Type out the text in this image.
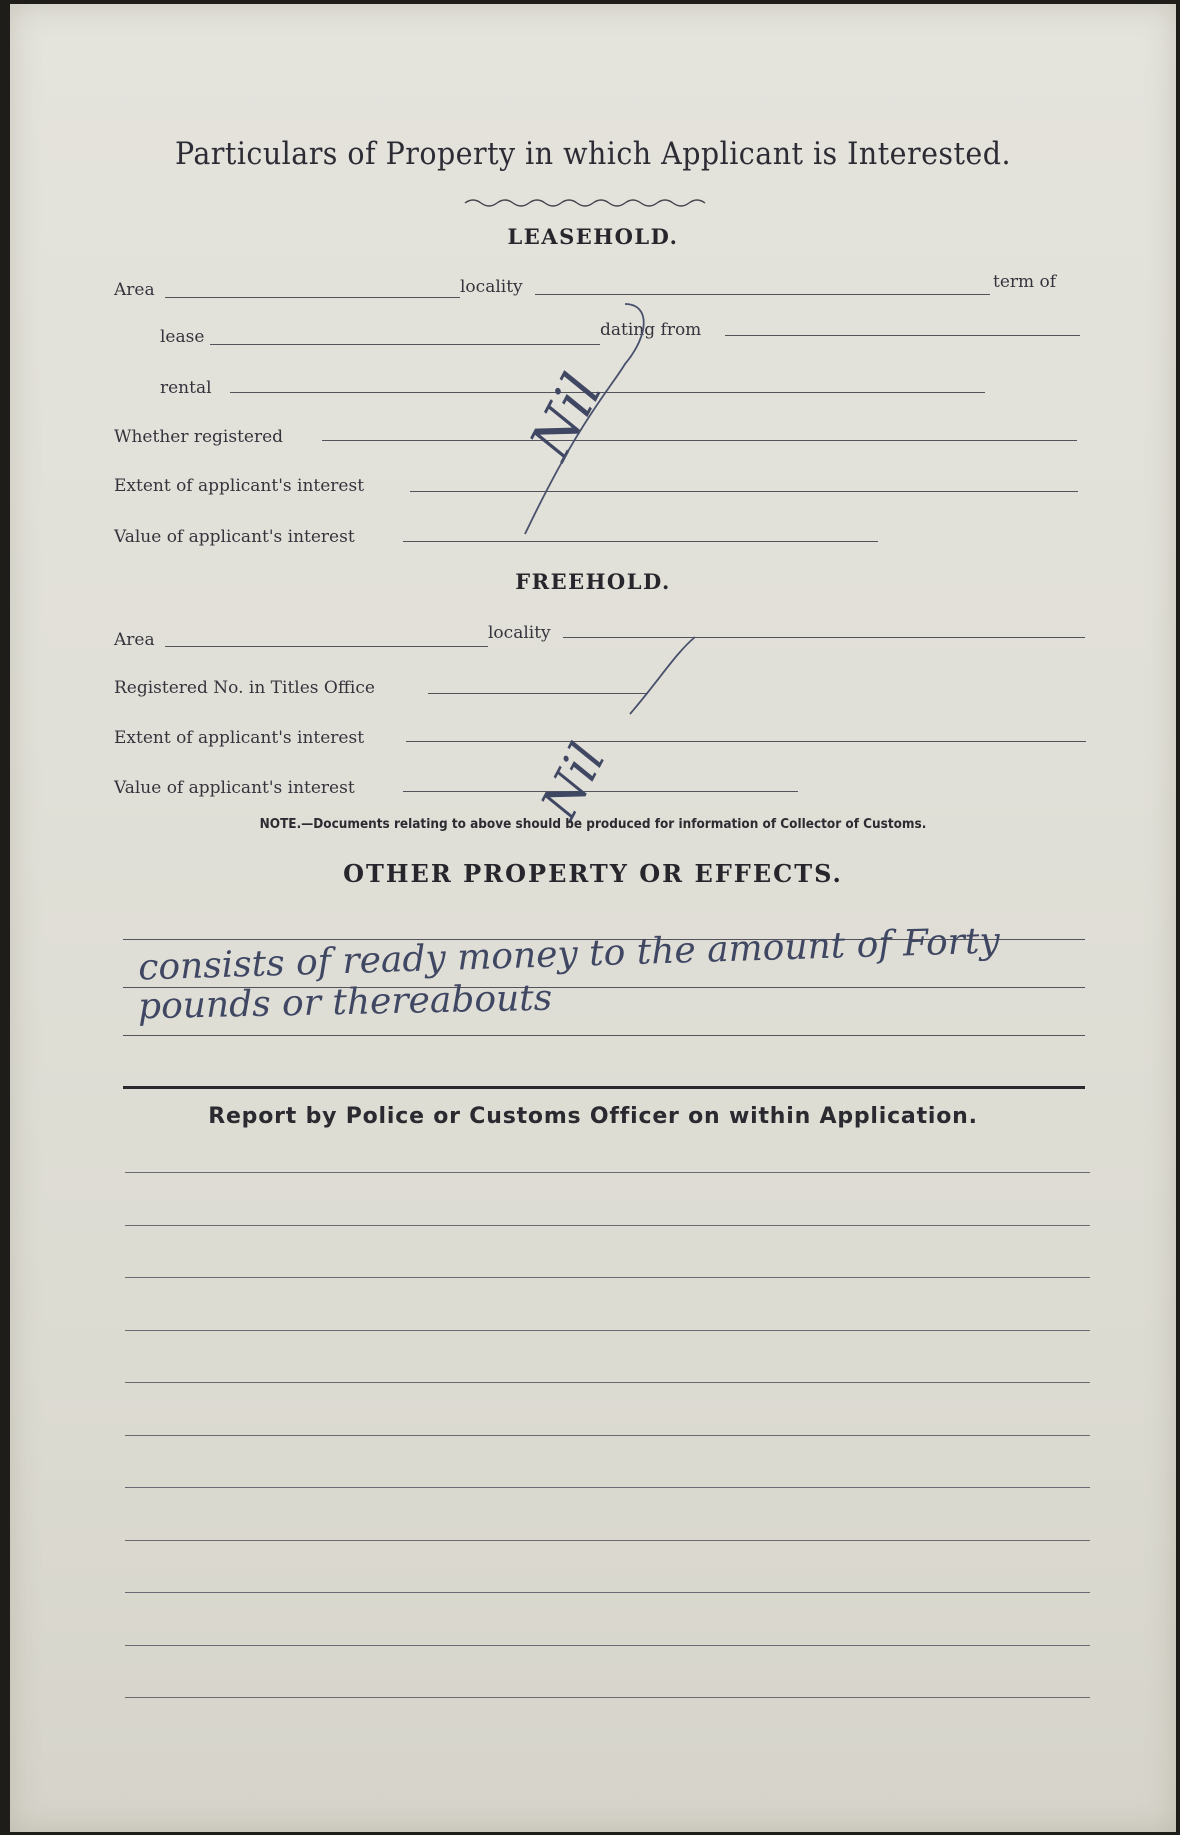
Particulars of Property in which Applicant is Interested.
LEASEHOLD.
Area	locality	term of
lease	dating from
rental
Whether registered
Extent of applicant's interest
Value of applicant's interest
Nil
FREEHOLD.
Area	locality
Registered No. in Titles Office
Extent of applicant's interest
Value of applicant's interest	Nil
NOTE.—Documents relating to above should be produced for information of Collector of Customs.
OTHER PROPERTY OR EFFECTS.
consists of ready money to the amount of Forty
pounds or thereabouts
Report by Police or Customs Officer on within Application.
